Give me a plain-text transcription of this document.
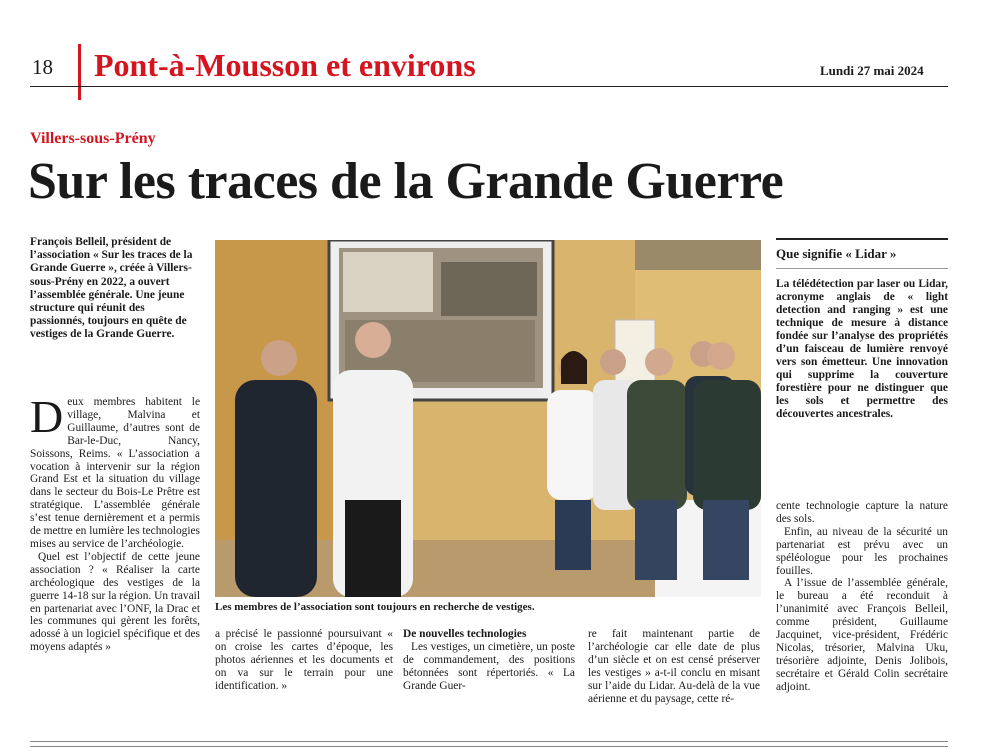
18 Pont-à-Mousson et environs	Lundi 27 mai 2024
Villers-sous-Prény
Sur les traces de la Grande Guerre
François Belleil, président de l’association « Sur les traces de la Grande Guerre », créée à Villers-sous-Prény en 2022, a ouvert l’assemblée générale. Une jeune structure qui réunit des passionnés, toujours en quête de vestiges de la Grande Guerre.

Deux membres habitent le village, Malvina et Guillaume, d’autres sont de Bar-le-Duc, Nancy, Soissons, Reims. « L’association a vocation à intervenir sur la région Grand Est et la situation du village dans le secteur du Bois-Le Prêtre est stratégique. L’assemblée générale s’est tenue dernièrement et a permis de mettre en lumière les technologies mises au service de l’archéologie.

Quel est l’objectif de cette jeune association ? « Réaliser la carte archéologique des vestiges de la guerre 14-18 sur la région. Un travail en partenariat avec l’ONF, la Drac et les communes qui gèrent les forêts, adossé à un logiciel spécifique et des moyens adaptés »

Les membres de l’association sont toujours en recherche de vestiges.

a précisé le passionné poursuivant « on croise les cartes d’époque, les photos aériennes et les documents et on va sur le terrain pour une identification. »

De nouvelles technologies

Les vestiges, un cimetière, un poste de commandement, des positions bétonnées sont répertoriés. « La Grande Guer-

re fait maintenant partie de l’archéologie car elle date de plus d’un siècle et on est censé préserver les vestiges » a-t-il conclu en misant sur l’aide du Lidar. Au-delà de la vue aérienne et du paysage, cette ré-

Que signifie « Lidar »
La télédétection par laser ou Lidar, acronyme anglais de « light detection and ranging » est une technique de mesure à distance fondée sur l’analyse des propriétés d’un faisceau de lumière renvoyé vers son émetteur. Une innovation qui supprime la couverture forestière pour ne distinguer que les sols et permettre des découvertes ancestrales.

cente technologie capture la nature des sols.

Enfin, au niveau de la sécurité un partenariat est prévu avec un spéléologue pour les prochaines fouilles.

A l’issue de l’assemblée générale, le bureau a été reconduit à l’unanimité avec François Belleil, comme président, Guillaume Jacquinet, vice-président, Frédéric Nicolas, trésorier, Malvina Uku, trésorière adjointe, Denis Jolibois, secrétaire et Gérald Colin secrétaire adjoint.
